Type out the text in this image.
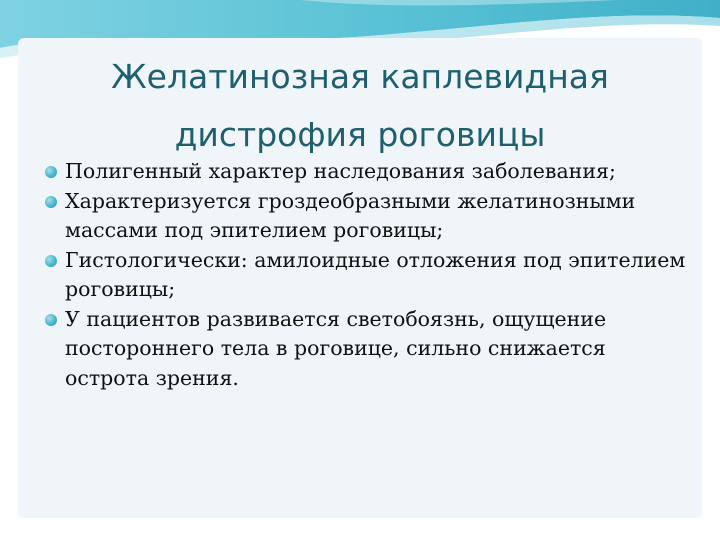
Желатинозная каплевидная дистрофия роговицы
Полигенный характер наследования заболевания;
Характеризуется гроздеобразными желатинозными массами под эпителием роговицы;
Гистологически: амилоидные отложения под эпителием роговицы;
У пациентов развивается светобоязнь, ощущение постороннего тела в роговице, сильно снижается острота зрения.
